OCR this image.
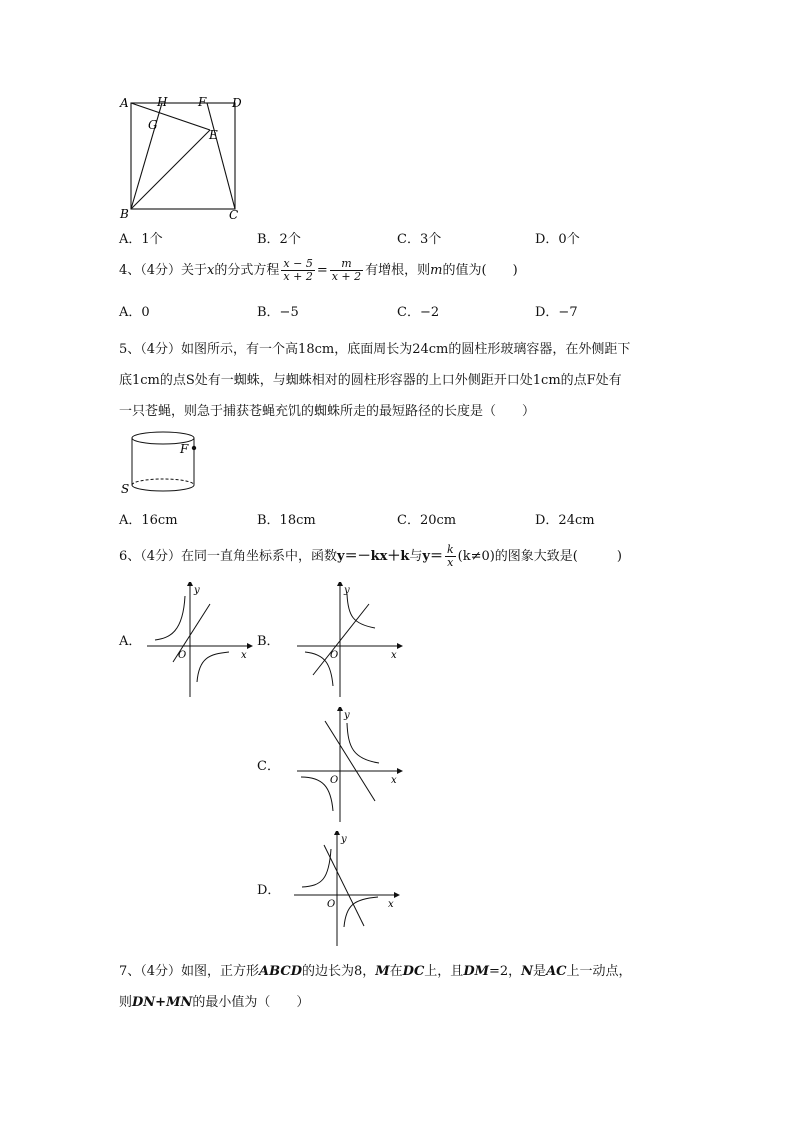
A H	F D
G
E
B	C
A．1个	B．2个	C．3个	D．0个
4、（4分）关于x的分式方程 $\frac{x - 5}{x + 2} = \frac{m}{x + 2}$ 有增根，则m的值为(　　)
A．0	B．−5	C．−2	D．−7
5、（4分）如图所示，有一个高18cm，底面周长为24cm的圆柱形玻璃容器，在外侧距下
底1cm的点S处有一蜘蛛，与蜘蛛相对的圆柱形容器的上口外侧距开口处1cm的点F处有
一只苍蝇，则急于捕获苍蝇充饥的蜘蛛所走的最短路径的长度是（　　）
F
S
A．16cm	B．18cm	C．20cm	D．24cm
6、（4分）在同一直角坐标系中，函数y＝－kx＋k与$y= \frac{k}{x} (k\ne 0)$的图象大致是(　　　)
A．
x
y
O
B．
x
y
O
C．
x
y
O
D．
x
y
O
7、（4分）如图，正方形ABCD的边长为8，M在DC上，且DM=2，N是AC上一动点，
则DN+MN的最小值为（　　）
